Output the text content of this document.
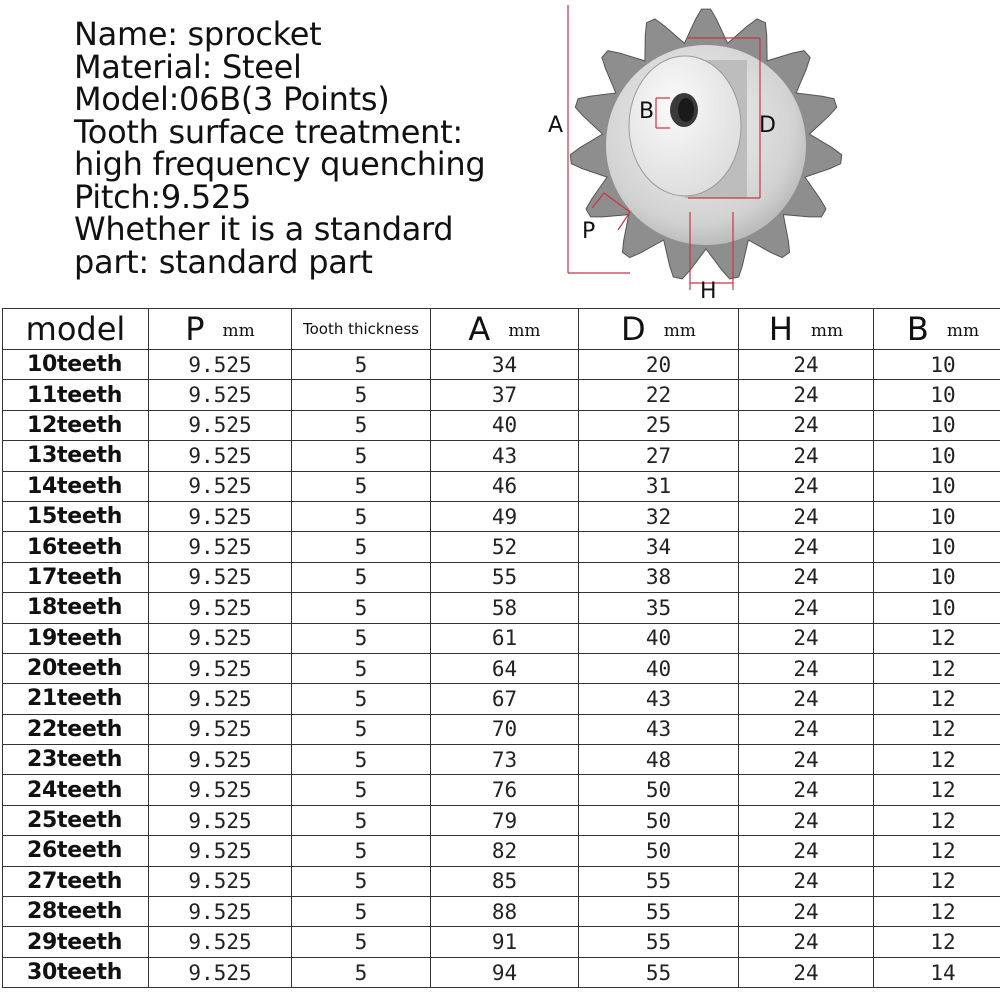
Name: sprocket
Material: Steel
Model:06B(3 Points)
Tooth surface treatment:
high frequency quenching
Pitch:9.525
Whether it is a standard
part: standard part
A
B
D
P
H
model	P mm	Tooth thickness	A mm	D mm	H mm	B mm
10teeth	9.525	5	34	20	24	10
11teeth	9.525	5	37	22	24	10
12teeth	9.525	5	40	25	24	10
13teeth	9.525	5	43	27	24	10
14teeth	9.525	5	46	31	24	10
15teeth	9.525	5	49	32	24	10
16teeth	9.525	5	52	34	24	10
17teeth	9.525	5	55	38	24	10
18teeth	9.525	5	58	35	24	10
19teeth	9.525	5	61	40	24	12
20teeth	9.525	5	64	40	24	12
21teeth	9.525	5	67	43	24	12
22teeth	9.525	5	70	43	24	12
23teeth	9.525	5	73	48	24	12
24teeth	9.525	5	76	50	24	12
25teeth	9.525	5	79	50	24	12
26teeth	9.525	5	82	50	24	12
27teeth	9.525	5	85	55	24	12
28teeth	9.525	5	88	55	24	12
29teeth	9.525	5	91	55	24	12
30teeth	9.525	5	94	55	24	14
